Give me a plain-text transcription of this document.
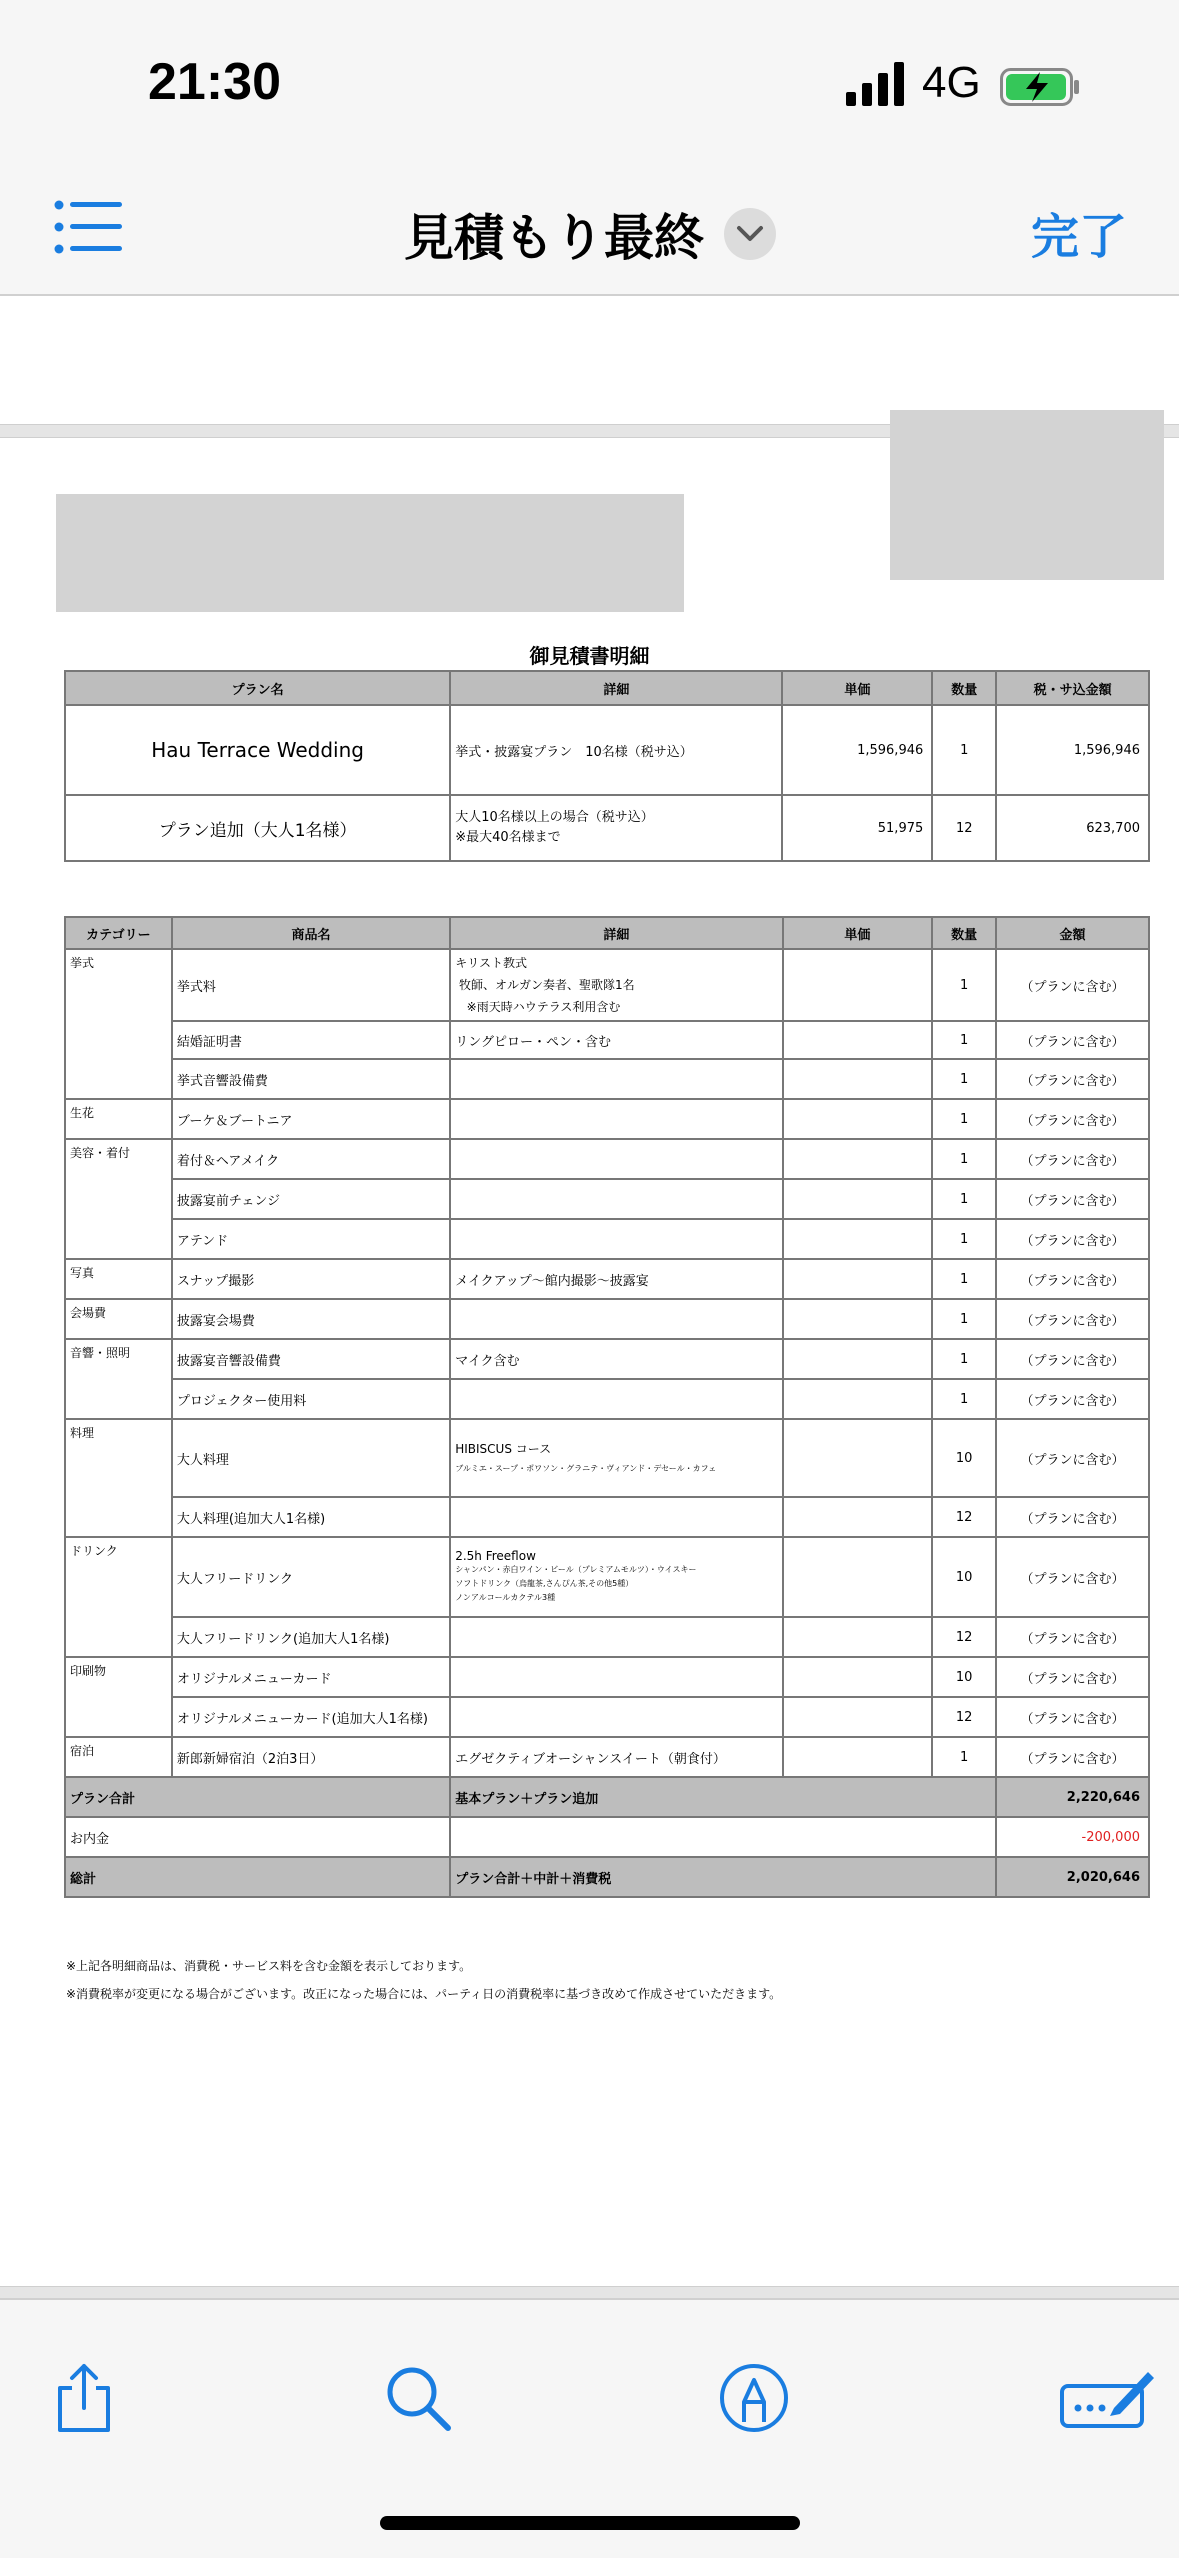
21:30	4G
見積もり最終	完了
御見積書明細
プラン名	詳細	単価	数量	税・サ込金額
Hau Terrace Wedding	挙式・披露宴プラン　10名様（税サ込）	1,596,946	1	1,596,946
プラン追加（大人1名様）	大人10名様以上の場合（税サ込）
※最大40名様まで	51,975	12	623,700
カテゴリー	商品名	詳細	単価	数量	金額
挙式	挙式料	キリスト教式
牧師、オルガン奏者、聖歌隊1名
※雨天時ハウテラス利用含む		1	（プランに含む）
	結婚証明書	リングピロー・ペン・含む		1	（プランに含む）
	挙式音響設備費			1	（プランに含む）
生花	ブーケ＆ブートニア			1	（プランに含む）
美容・着付	着付＆ヘアメイク			1	（プランに含む）
	披露宴前チェンジ			1	（プランに含む）
	アテンド			1	（プランに含む）
写真	スナップ撮影	メイクアップ～館内撮影～披露宴		1	（プランに含む）
会場費	披露宴会場費			1	（プランに含む）
音響・照明	披露宴音響設備費	マイク含む		1	（プランに含む）
	プロジェクター使用料			1	（プランに含む）
料理	大人料理	HIBISCUS コース
ブルミエ・スープ・ポワソン・グラニテ・ヴィアンド・デセール・カフェ		10	（プランに含む）
	大人料理(追加大人1名様)			12	（プランに含む）
ドリンク	大人フリードリンク	2.5h Freeflow
シャンパン・赤白ワイン・ビール（プレミアムモルツ）・ウイスキー
ソフトドリンク（烏龍茶,さんぴん茶,その他5種）
ノンアルコールカクテル3種		10	（プランに含む）
	大人フリードリンク(追加大人1名様)			12	（プランに含む）
印刷物	オリジナルメニューカード			10	（プランに含む）
	オリジナルメニューカード(追加大人1名様)			12	（プランに含む）
宿泊	新郎新婦宿泊（2泊3日）	エグゼクティブオーシャンスイート（朝食付）		1	（プランに含む）
プラン合計		基本プラン＋プラン追加			2,220,646
お内金					-200,000
総計		プラン合計＋中計＋消費税			2,020,646
※上記各明細商品は、消費税・サービス料を含む金額を表示しております。
※消費税率が変更になる場合がございます。改正になった場合には、パーティ日の消費税率に基づき改めて作成させていただきます。
